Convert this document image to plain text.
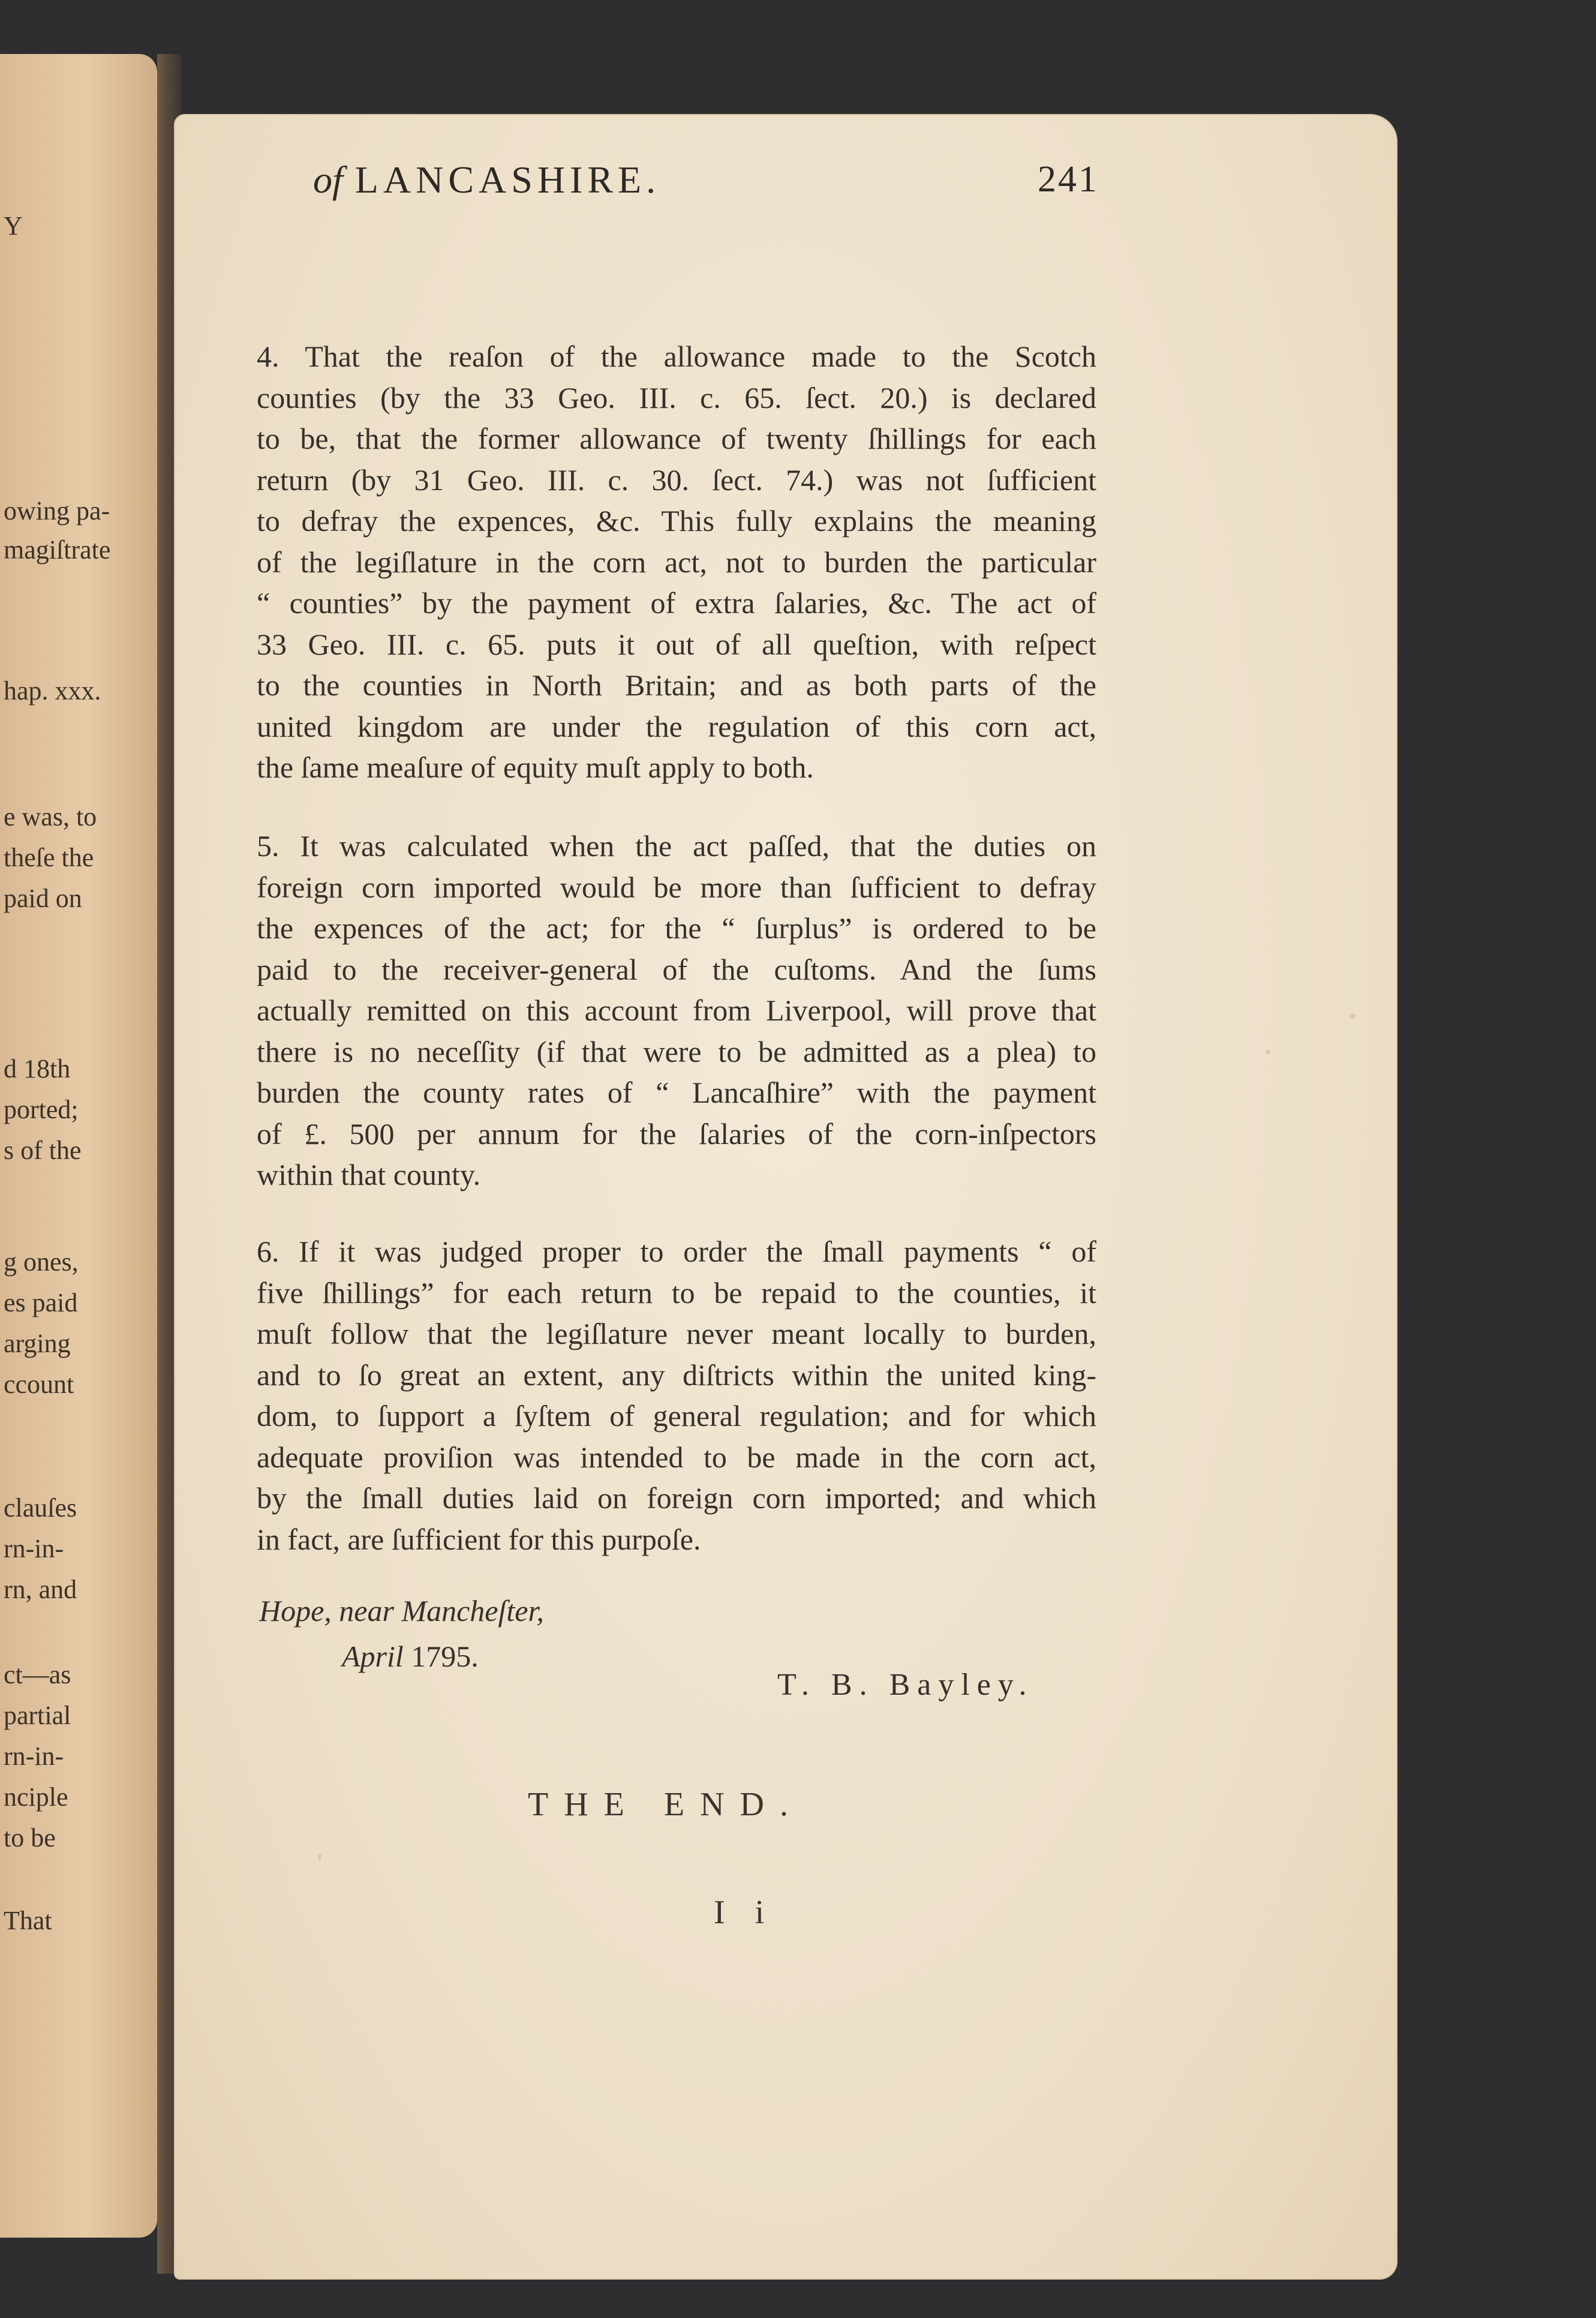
Y
owing pa-
magiſtrate
hap. xxx.
e was, to
theſe the
paid on
d 18th
ported;
s of the
g ones,
es paid
arging
ccount
clauſes
rn-in-
rn, and
ct—as
partial
rn-in-
nciple
to be
That
of LANCASHIRE.	241

4. That the reaſon of the allowance made to the Scotch
counties (by the 33 Geo. III. c. 65. ſect. 20.) is declared
to be, that the former allowance of twenty ſhillings for each
return (by 31 Geo. III. c. 30. ſect. 74.) was not ſufficient
to defray the expences, &c. This fully explains the meaning
of the legiſlature in the corn act, not to burden the particular
“ counties” by the payment of extra ſalaries, &c. The act of
33 Geo. III. c. 65. puts it out of all queſtion, with reſpect
to the counties in North Britain; and as both parts of the
united kingdom are under the regulation of this corn act,
the ſame meaſure of equity muſt apply to both.

5. It was calculated when the act paſſed, that the duties on
foreign corn imported would be more than ſufficient to defray
the expences of the act; for the “ ſurplus” is ordered to be
paid to the receiver-general of the cuſtoms. And the ſums
actually remitted on this account from Liverpool, will prove that
there is no neceſſity (if that were to be admitted as a plea) to
burden the county rates of “ Lancaſhire” with the payment
of £. 500 per annum for the ſalaries of the corn-inſpectors
within that county.

6. If it was judged proper to order the ſmall payments “ of
five ſhillings” for each return to be repaid to the counties, it
muſt follow that the legiſlature never meant locally to burden,
and to ſo great an extent, any diſtricts within the united king-
dom, to ſupport a ſyſtem of general regulation; and for which
adequate proviſion was intended to be made in the corn act,
by the ſmall duties laid on foreign corn imported; and which
in fact, are ſufficient for this purpoſe.

Hope, near Mancheſter,
April 1795.
T. B. Bayley.
THE END.
I i
